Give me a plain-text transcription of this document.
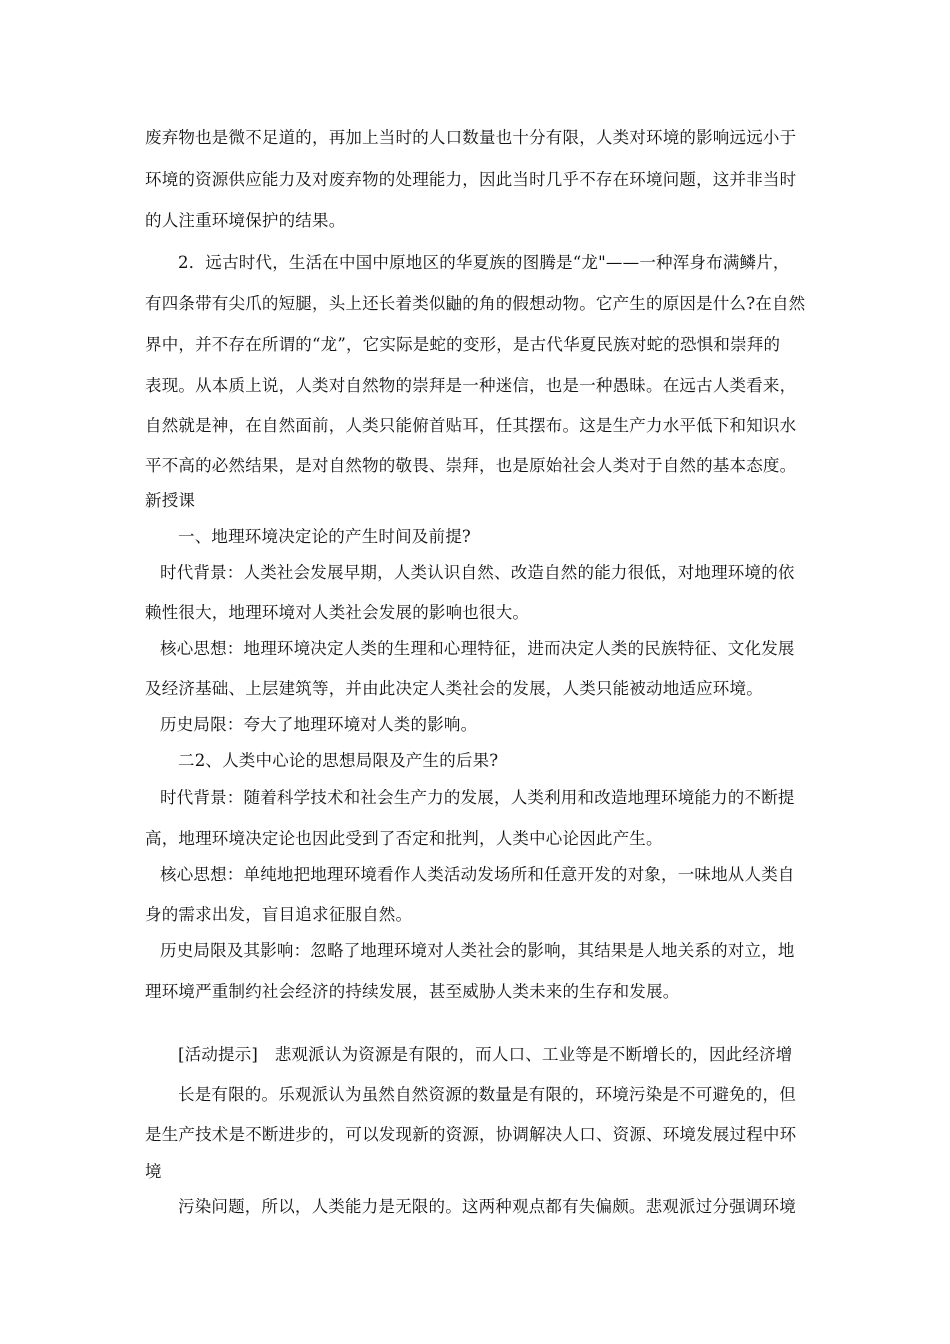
废弃物也是微不足道的，再加上当时的人口数量也十分有限，人类对环境的影响远远小于
环境的资源供应能力及对废弃物的处理能力，因此当时几乎不存在环境问题，这并非当时
的人注重环境保护的结果。
2．远古时代，生活在中国中原地区的华夏族的图腾是“龙"——一种浑身布满鳞片，
有四条带有尖爪的短腿，头上还长着类似鼬的角的假想动物。它产生的原因是什么?在自然
界中，并不存在所谓的“龙”，它实际是蛇的变形，是古代华夏民族对蛇的恐惧和崇拜的
表现。从本质上说，人类对自然物的崇拜是一种迷信，也是一种愚昧。在远古人类看来，
自然就是神，在自然面前，人类只能俯首贴耳，任其摆布。这是生产力水平低下和知识水
平不高的必然结果，是对自然物的敬畏、崇拜，也是原始社会人类对于自然的基本态度。
新授课
一、地理环境决定论的产生时间及前提?
时代背景：人类社会发展早期，人类认识自然、改造自然的能力很低，对地理环境的依
赖性很大，地理环境对人类社会发展的影响也很大。
核心思想：地理环境决定人类的生理和心理特征，进而决定人类的民族特征、文化发展
及经济基础、上层建筑等，并由此决定人类社会的发展，人类只能被动地适应环境。
历史局限：夸大了地理环境对人类的影响。
二2、人类中心论的思想局限及产生的后果?
时代背景：随着科学技术和社会生产力的发展，人类利用和改造地理环境能力的不断提
高，地理环境决定论也因此受到了否定和批判，人类中心论因此产生。
核心思想：单纯地把地理环境看作人类活动发场所和任意开发的对象，一味地从人类自
身的需求出发，盲目追求征服自然。
历史局限及其影响：忽略了地理环境对人类社会的影响，其结果是人地关系的对立，地
理环境严重制约社会经济的持续发展，甚至威胁人类未来的生存和发展。
[活动提示]　悲观派认为资源是有限的，而人口、工业等是不断增长的，因此经济增
长是有限的。乐观派认为虽然自然资源的数量是有限的，环境污染是不可避免的，但
是生产技术是不断进步的，可以发现新的资源，协调解决人口、资源、环境发展过程中环
境
污染问题，所以，人类能力是无限的。这两种观点都有失偏颇。悲观派过分强调环境
